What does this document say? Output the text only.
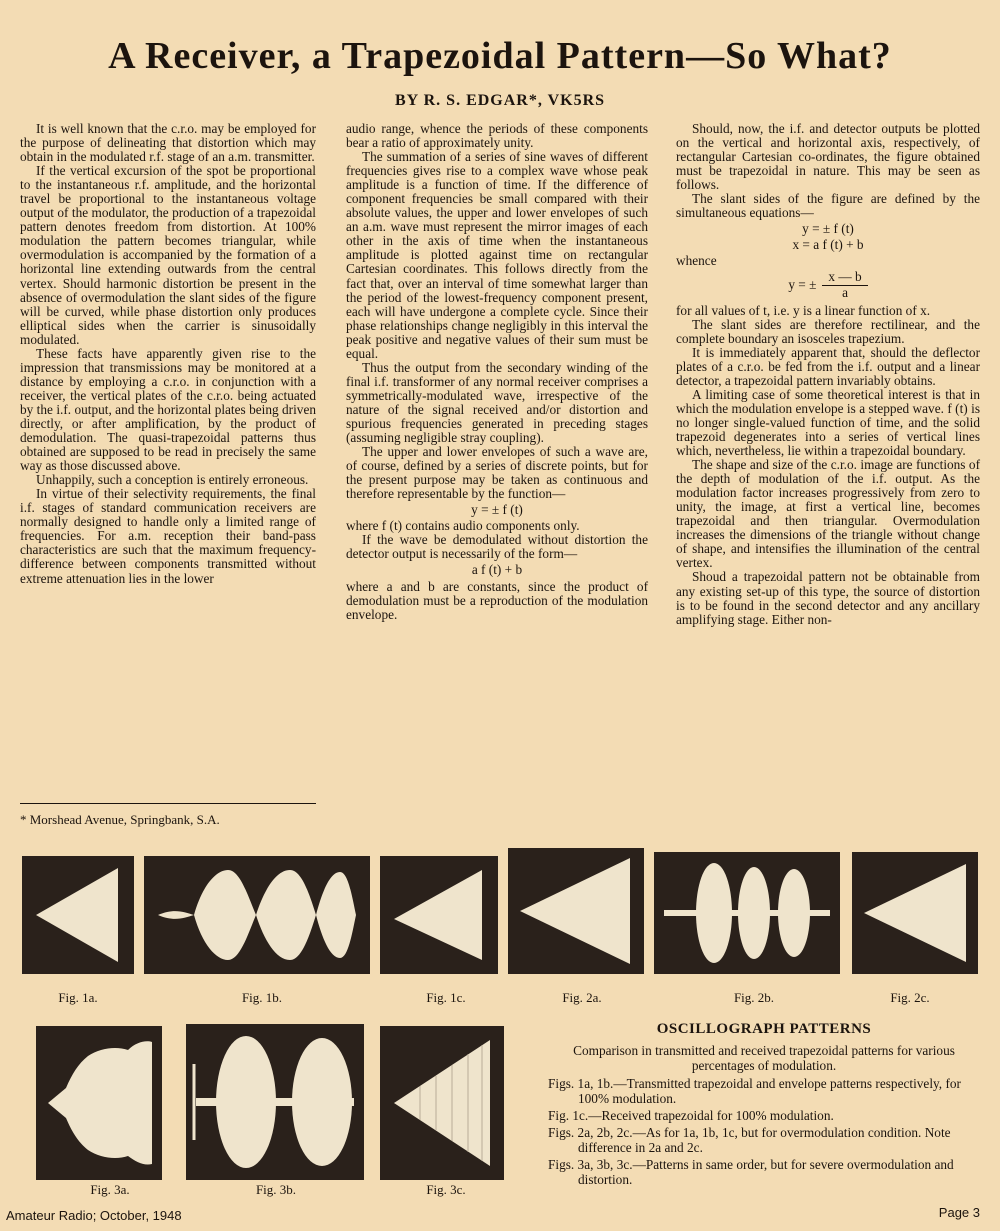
A Receiver, a Trapezoidal Pattern—So What?
BY R. S. EDGAR*, VK5RS

It is well known that the c.r.o. may be employed for the purpose of delineating that distortion which may obtain in the modulated r.f. stage of an a.m. transmitter.

If the vertical excursion of the spot be proportional to the instantaneous r.f. amplitude, and the horizontal travel be proportional to the instantaneous voltage output of the modulator, the production of a trapezoidal pattern denotes freedom from distortion. At 100% modulation the pattern becomes triangular, while overmodulation is accompanied by the formation of a horizontal line extending outwards from the central vertex. Should harmonic distortion be present in the absence of overmodulation the slant sides of the figure will be curved, while phase distortion only produces elliptical sides when the carrier is sinusoidally modulated.

These facts have apparently given rise to the impression that transmissions may be monitored at a distance by employing a c.r.o. in conjunction with a receiver, the vertical plates of the c.r.o. being actuated by the i.f. output, and the horizontal plates being driven directly, or after amplification, by the product of demodulation. The quasi-trapezoidal patterns thus obtained are supposed to be read in precisely the same way as those discussed above.

Unhappily, such a conception is entirely erroneous.

In virtue of their selectivity requirements, the final i.f. stages of standard communication receivers are normally designed to handle only a limited range of frequencies. For a.m. reception their band-pass characteristics are such that the maximum frequency-difference between components transmitted without extreme attenuation lies in the lower

* Morshead Avenue, Springbank, S.A.

audio range, whence the periods of these components bear a ratio of approximately unity.

The summation of a series of sine waves of different frequencies gives rise to a complex wave whose peak amplitude is a function of time. If the difference of component frequencies be small compared with their absolute values, the upper and lower envelopes of such an a.m. wave must represent the mirror images of each other in the axis of time when the instantaneous amplitude is plotted against time on rectangular Cartesian coordinates. This follows directly from the fact that, over an interval of time somewhat larger than the period of the lowest-frequency component present, each will have undergone a complete cycle. Since their phase relationships change negligibly in this interval the peak positive and negative values of their sum must be equal.

Thus the output from the secondary winding of the final i.f. transformer of any normal receiver comprises a symmetrically-modulated wave, irrespective of the nature of the signal received and/or distortion and spurious frequencies generated in preceding stages (assuming negligible stray coupling).

The upper and lower envelopes of such a wave are, of course, defined by a series of discrete points, but for the present purpose may be taken as continuous and therefore representable by the function—

y = ± f (t)

where f (t) contains audio components only.

If the wave be demodulated without distortion the detector output is necessarily of the form—

a f (t) + b

where a and b are constants, since the product of demodulation must be a reproduction of the modulation envelope.

Should, now, the i.f. and detector outputs be plotted on the vertical and horizontal axis, respectively, of rectangular Cartesian co-ordinates, the figure obtained must be trapezoidal in nature. This may be seen as follows.

The slant sides of the figure are defined by the simultaneous equations—

y = ± f (t)

x = a f (t) + b

whence

y = ± $\frac{x — b}{a}$

for all values of t, i.e. y is a linear function of x.

The slant sides are therefore rectilinear, and the complete boundary an isosceles trapezium.

It is immediately apparent that, should the deflector plates of a c.r.o. be fed from the i.f. output and a linear detector, a trapezoidal pattern invariably obtains.

A limiting case of some theoretical interest is that in which the modulation envelope is a stepped wave. f (t) is no longer single-valued function of time, and the solid trapezoid degenerates into a series of vertical lines which, nevertheless, lie within a trapezoidal boundary.

The shape and size of the c.r.o. image are functions of the depth of modulation of the i.f. output. As the modulation factor increases progressively from zero to unity, the image, at first a vertical line, becomes trapezoidal and then triangular. Overmodulation increases the dimensions of the triangle without change of shape, and intensifies the illumination of the central vertex.

Shoud a trapezoidal pattern not be obtainable from any existing set-up of this type, the source of distortion is to be found in the second detector and any ancillary amplifying stage. Either non-

Fig. 1a.	Fig. 1b.	Fig. 1c.	Fig. 2a.	Fig. 2b.	Fig. 2c.
Fig. 3a.	Fig. 3b.	Fig. 3c.
OSCILLOGRAPH PATTERNS

Comparison in transmitted and received trapezoidal patterns for various percentages of modulation.

Figs. 1a, 1b.—Transmitted trapezoidal and envelope patterns respectively, for 100% modulation.

Fig. 1c.—Received trapezoidal for 100% modulation.

Figs. 2a, 2b, 2c.—As for 1a, 1b, 1c, but for overmodulation condition. Note difference in 2a and 2c.

Figs. 3a, 3b, 3c.—Patterns in same order, but for severe overmodulation and distortion.

Amateur Radio; October, 1948	Page 3
